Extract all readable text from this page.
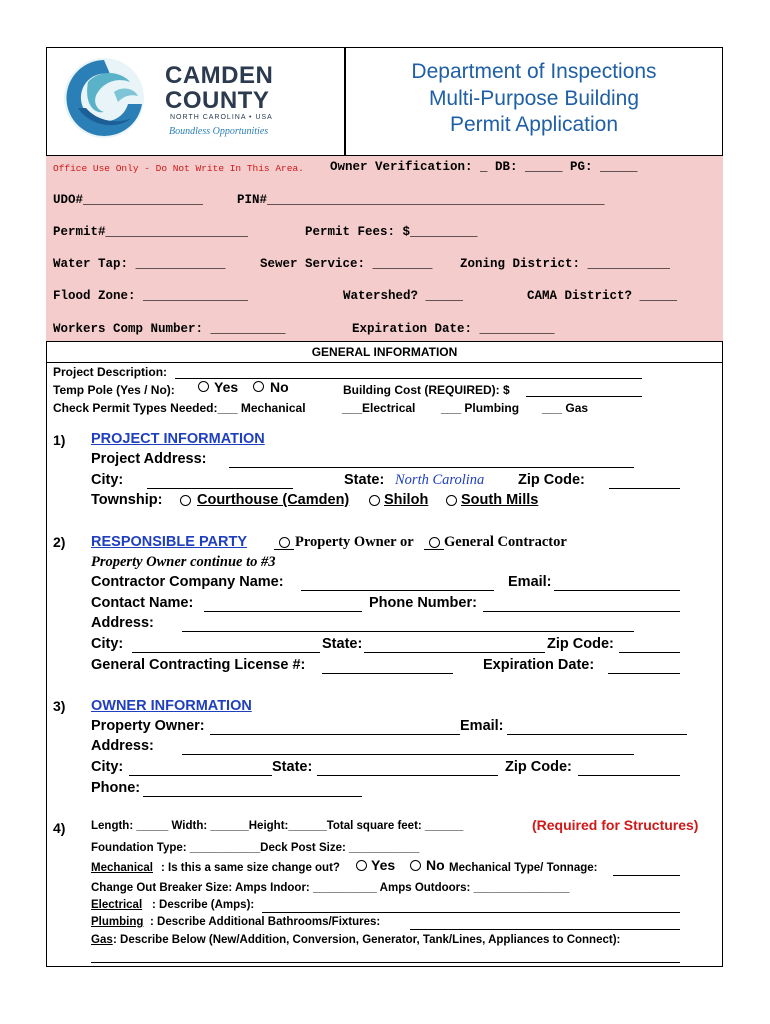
CAMDEN
COUNTY
NORTH CAROLINA • USA
Boundless Opportunities
Department of Inspections
Multi-Purpose Building
Permit Application
Office Use Only - Do Not Write In This Area. Owner Verification: _ DB: _____ PG: _____
UDO#________________	PIN#_____________________________________________
Permit#___________________	Permit Fees: $_________
Water Tap: ____________	Sewer Service: ________ Zoning District: ___________
Flood Zone: ______________	Watershed? _____	CAMA District? _____
Workers Comp Number: __________	Expiration Date: __________
GENERAL INFORMATION
Project Description:
Temp Pole (Yes / No):	Yes No	Building Cost (REQUIRED): $
Check Permit Types Needed:___ Mechanical	___Electrical ___ Plumbing ___ Gas
1) PROJECT INFORMATION
Project Address:
City:	State: North Carolina Zip Code:
Township: Courthouse (Camden) Shiloh South Mills
2) RESPONSIBLE PARTY	Property Owner or General Contractor
Property Owner continue to #3
Contractor Company Name:	Email:
Contact Name:	Phone Number:
Address:
City:	State:	Zip Code:
General Contracting License #:	Expiration Date:
3) OWNER INFORMATION
Property Owner:	Email:
Address:
City:	State:	Zip Code:
Phone:
4) Length: _____ Width: ______Height:______Total square feet: ______	(Required for Structures)
Foundation Type: ___________Deck Post Size: ___________
Mechanical : Is this a same size change out? Yes No Mechanical Type/ Tonnage:
Change Out Breaker Size: Amps Indoor: __________ Amps Outdoors: _______________
Electrical : Describe (Amps):
Plumbing : Describe Additional Bathrooms/Fixtures:
Gas : Describe Below (New/Addition, Conversion, Generator, Tank/Lines, Appliances to Connect):
